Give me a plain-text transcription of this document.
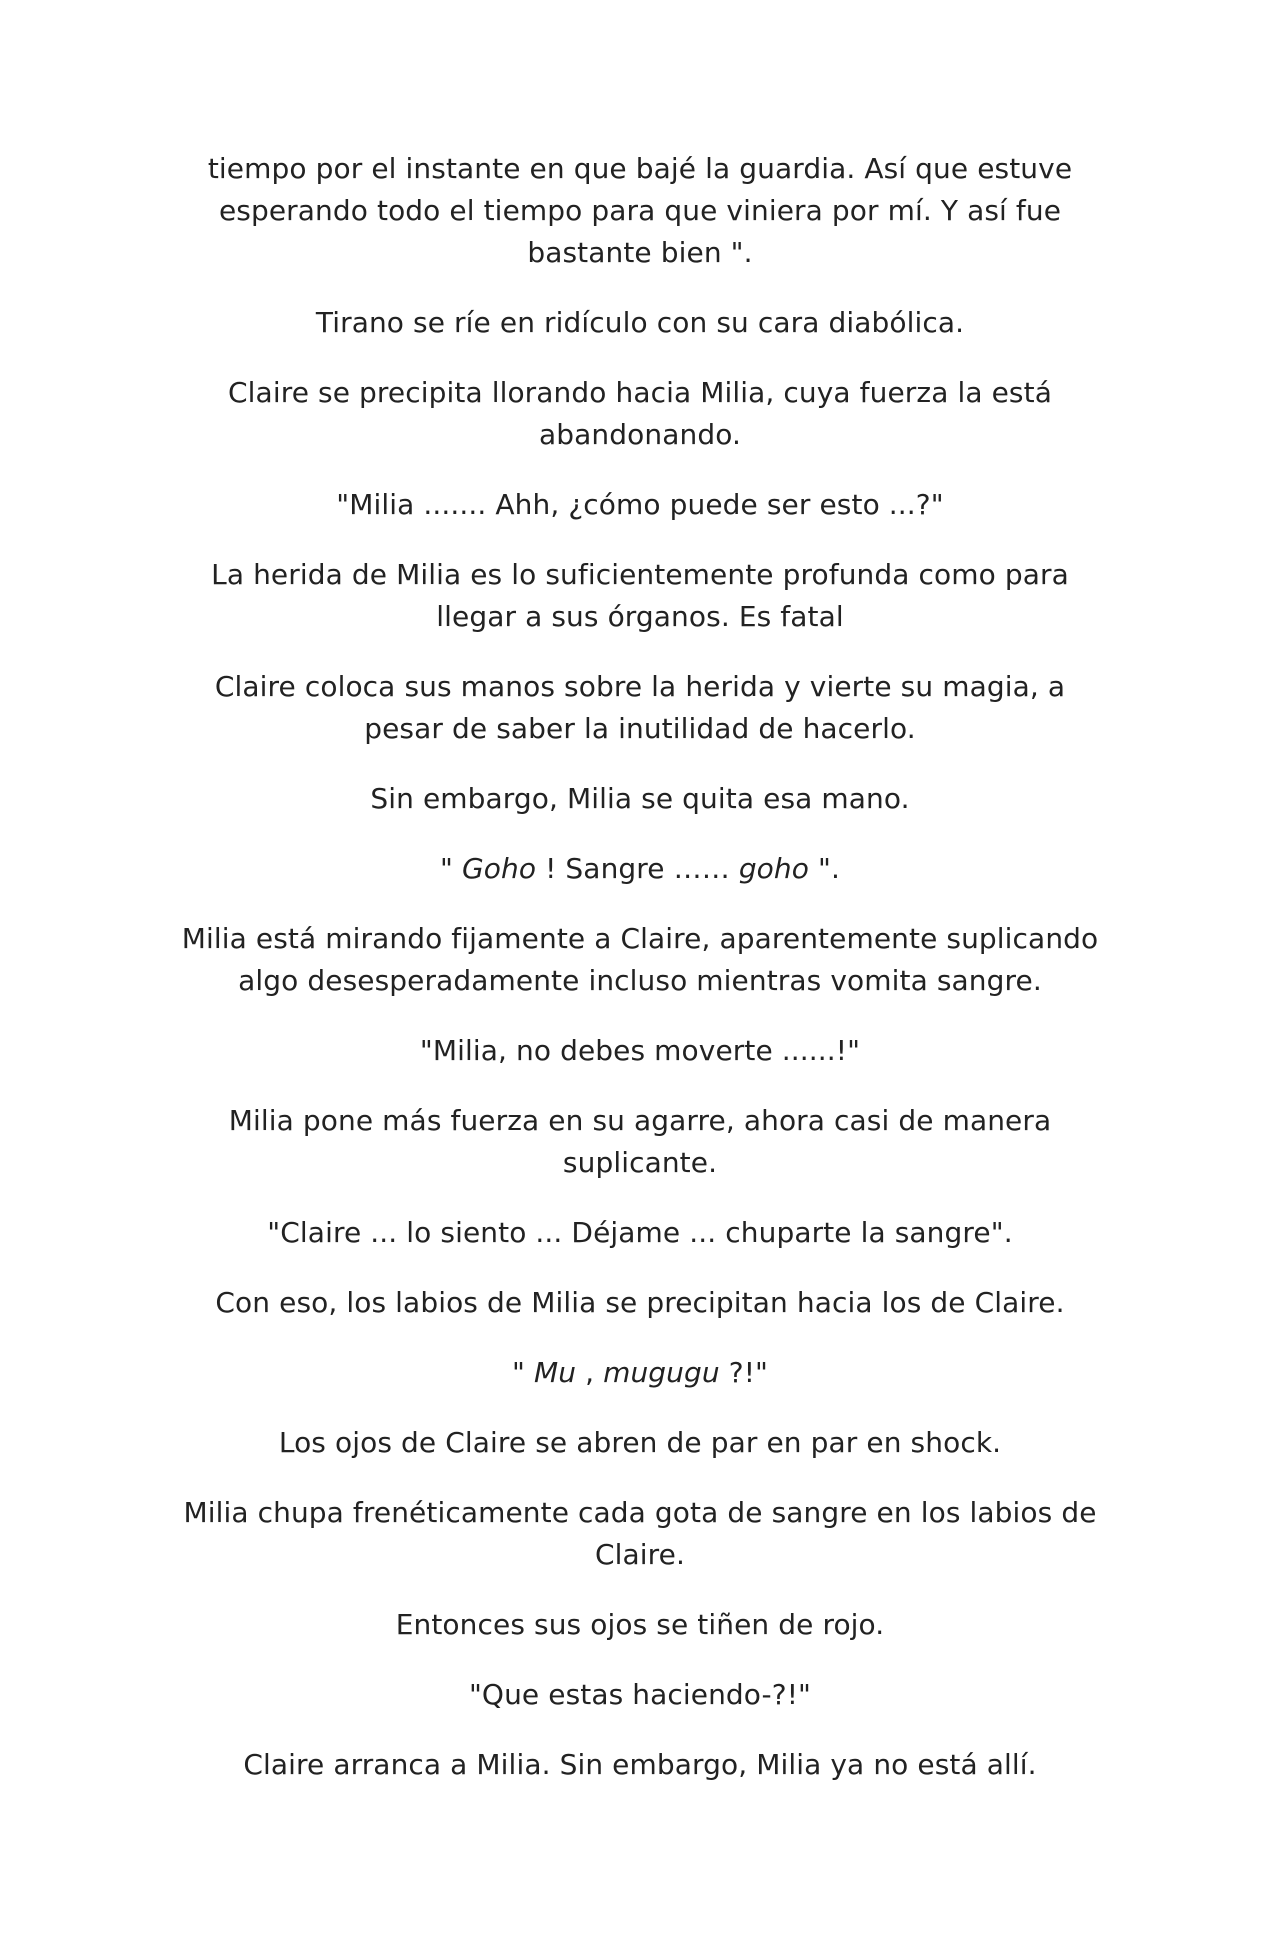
tiempo por el instante en que bajé la guardia. Así que estuve esperando todo el tiempo para que viniera por mí. Y así fue bastante bien ".

Tirano se ríe en ridículo con su cara diabólica.

Claire se precipita llorando hacia Milia, cuya fuerza la está abandonando.

"Milia ....... Ahh, ¿cómo puede ser esto ...?"

La herida de Milia es lo suficientemente profunda como para llegar a sus órganos. Es fatal

Claire coloca sus manos sobre la herida y vierte su magia, a pesar de saber la inutilidad de hacerlo.

Sin embargo, Milia se quita esa mano.

" Goho ! Sangre …… goho ".

Milia está mirando fijamente a Claire, aparentemente suplicando algo desesperadamente incluso mientras vomita sangre.

"Milia, no debes moverte ......!"

Milia pone más fuerza en su agarre, ahora casi de manera suplicante.

"Claire ... lo siento ... Déjame ... chuparte la sangre".

Con eso, los labios de Milia se precipitan hacia los de Claire.

" Mu , mugugu ?!"

Los ojos de Claire se abren de par en par en shock.

Milia chupa frenéticamente cada gota de sangre en los labios de Claire.

Entonces sus ojos se tiñen de rojo.

"Que estas haciendo-?!"

Claire arranca a Milia. Sin embargo, Milia ya no está allí.
